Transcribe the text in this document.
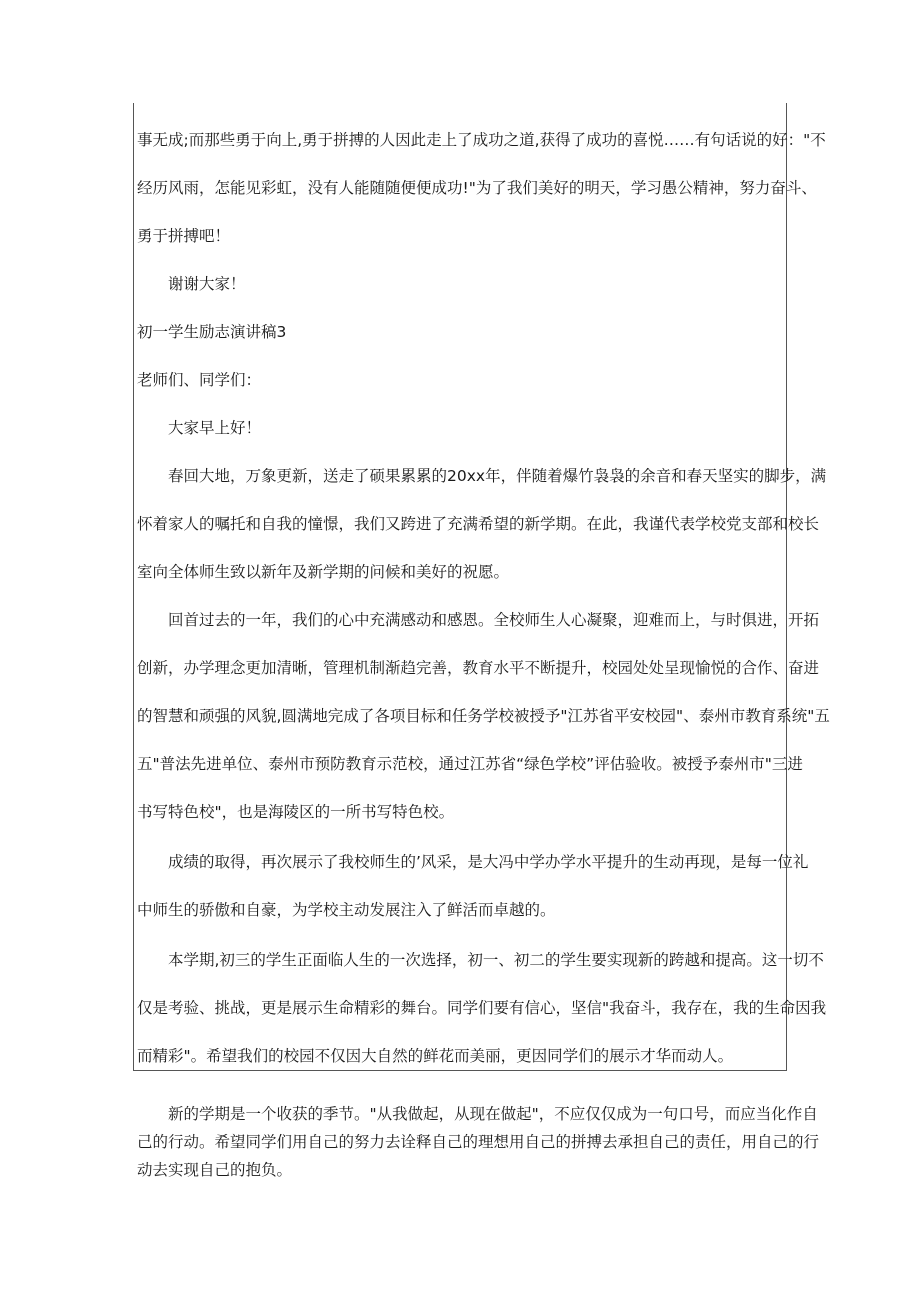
事无成;而那些勇于向上,勇于拼搏的人因此走上了成功之道,获得了成功的喜悦……有句话说的好："不
经历风雨，怎能见彩虹，没有人能随随便便成功!"为了我们美好的明天，学习愚公精神，努力奋斗、
勇于拼搏吧！
谢谢大家！
初一学生励志演讲稿3
老师们、同学们：
大家早上好！
春回大地，万象更新，送走了硕果累累的20xx年，伴随着爆竹袅袅的余音和春天坚实的脚步，满
怀着家人的嘱托和自我的憧憬，我们又跨进了充满希望的新学期。在此，我谨代表学校党支部和校长
室向全体师生致以新年及新学期的问候和美好的祝愿。
回首过去的一年，我们的心中充满感动和感恩。全校师生人心凝聚，迎难而上，与时俱进，开拓
创新，办学理念更加清晰，管理机制渐趋完善，教育水平不断提升，校园处处呈现愉悦的合作、奋进
的智慧和顽强的风貌,圆满地完成了各项目标和任务学校被授予"江苏省平安校园"、泰州市教育系统"五
五"普法先进单位、泰州市预防教育示范校，通过江苏省“绿色学校”评估验收。被授予泰州市"三进
书写特色校"，也是海陵区的一所书写特色校。
成绩的取得，再次展示了我校师生的’风采，是大冯中学办学水平提升的生动再现，是每一位礼
中师生的骄傲和自豪，为学校主动发展注入了鲜活而卓越的。
本学期,初三的学生正面临人生的一次选择，初一、初二的学生要实现新的跨越和提高。这一切不
仅是考验、挑战，更是展示生命精彩的舞台。同学们要有信心，坚信"我奋斗，我存在，我的生命因我
而精彩"。希望我们的校园不仅因大自然的鲜花而美丽，更因同学们的展示才华而动人。
新的学期是一个收获的季节。"从我做起，从现在做起"，不应仅仅成为一句口号，而应当化作自
己的行动。希望同学们用自己的努力去诠释自己的理想用自己的拼搏去承担自己的责任，用自己的行
动去实现自己的抱负。
